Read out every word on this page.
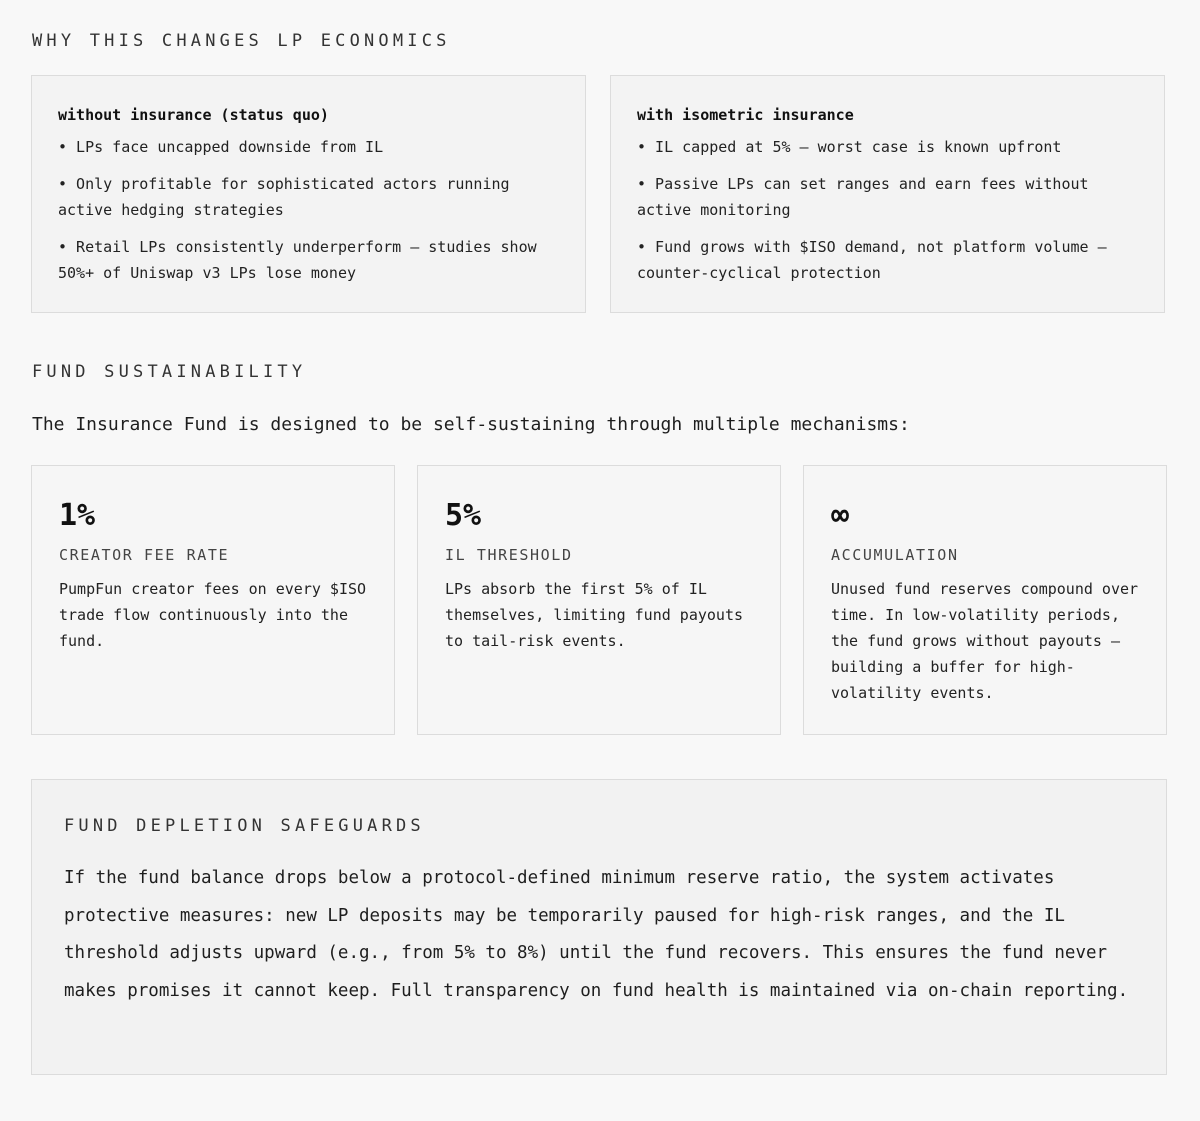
WHY THIS CHANGES LP ECONOMICS

without insurance (status quo)

• LPs face uncapped downside from IL
• Only profitable for sophisticated actors running active hedging strategies
• Retail LPs consistently underperform — studies show 50%+ of Uniswap v3 LPs lose money

with isometric insurance

• IL capped at 5% — worst case is known upfront
• Passive LPs can set ranges and earn fees without active monitoring
• Fund grows with $ISO demand, not platform volume — counter-cyclical protection
FUND SUSTAINABILITY

The Insurance Fund is designed to be self-sustaining through multiple mechanisms:

1%

CREATOR FEE RATE

PumpFun creator fees on every $ISO trade flow continuously into the fund.

5%

IL THRESHOLD

LPs absorb the first 5% of IL themselves, limiting fund payouts to tail-risk events.

∞

ACCUMULATION

Unused fund reserves compound over time. In low-volatility periods, the fund grows without payouts — building a buffer for high-volatility events.

FUND DEPLETION SAFEGUARDS

If the fund balance drops below a protocol-defined minimum reserve ratio, the system activates protective measures: new LP deposits may be temporarily paused for high-risk ranges, and the IL threshold adjusts upward (e.g., from 5% to 8%) until the fund recovers. This ensures the fund never makes promises it cannot keep. Full transparency on fund health is maintained via on-chain reporting.
